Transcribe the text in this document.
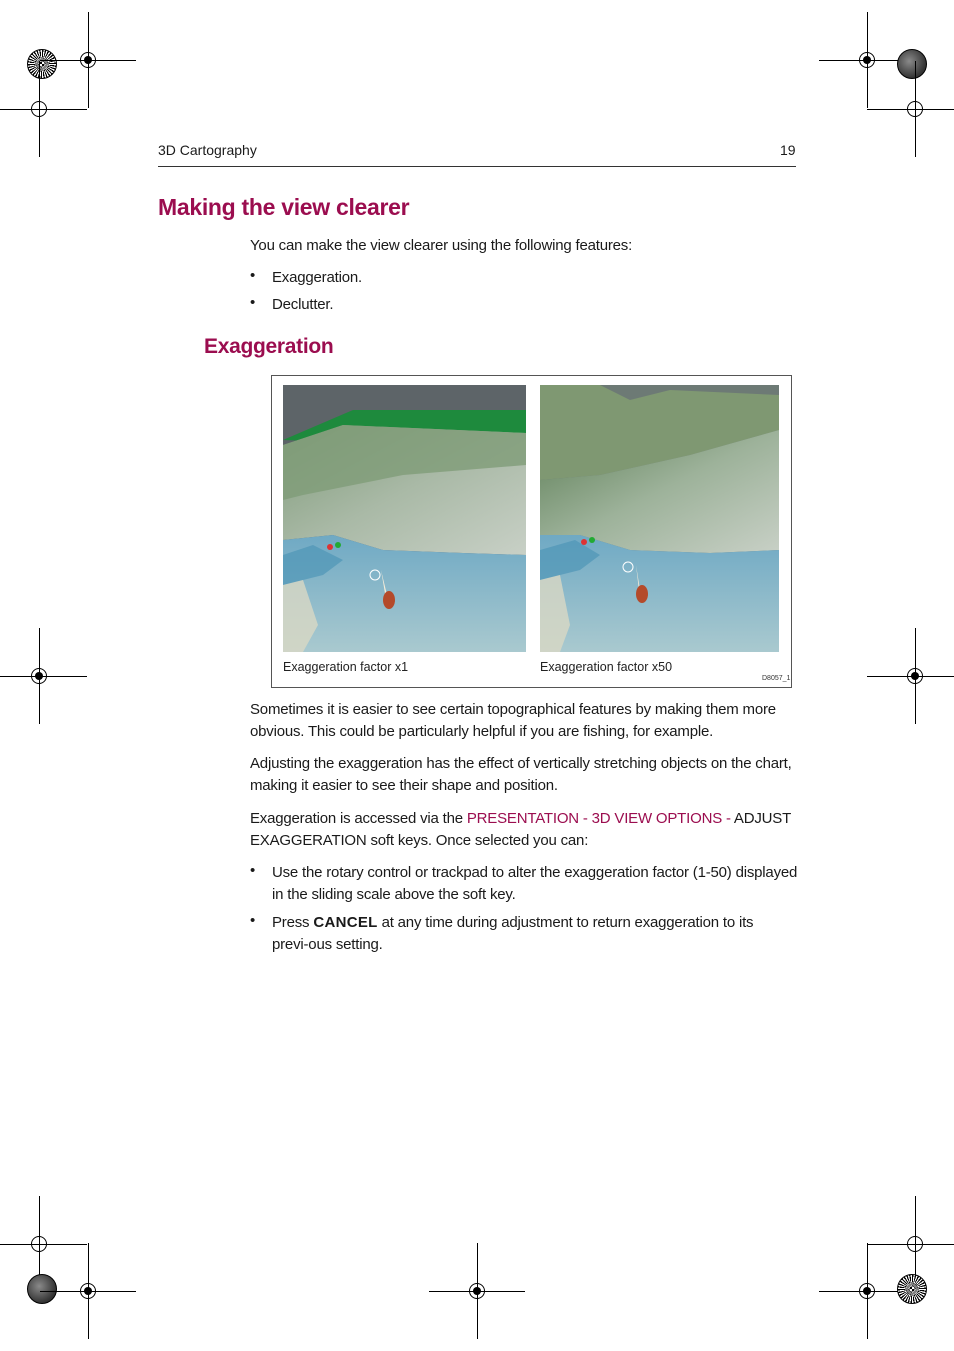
3D Cartography	19
Making the view clearer
You can make the view clearer using the following features:
• Exaggeration.
• Declutter.
Exaggeration
Exaggeration factor x1	Exaggeration factor x50
D8057_1
Sometimes it is easier to see certain topographical features by making them more obvious. This could be particularly helpful if you are fishing, for example.
Adjusting the exaggeration has the effect of vertically stretching objects on the chart, making it easier to see their shape and position.
Exaggeration is accessed via the PRESENTATION - 3D VIEW OPTIONS - ADJUST EXAGGERATION soft keys. Once selected you can:
• Use the rotary control or trackpad to alter the exaggeration factor (1-50) displayed in the sliding scale above the soft key.
• Press CANCEL at any time during adjustment to return exaggeration to its previ-ous setting.
